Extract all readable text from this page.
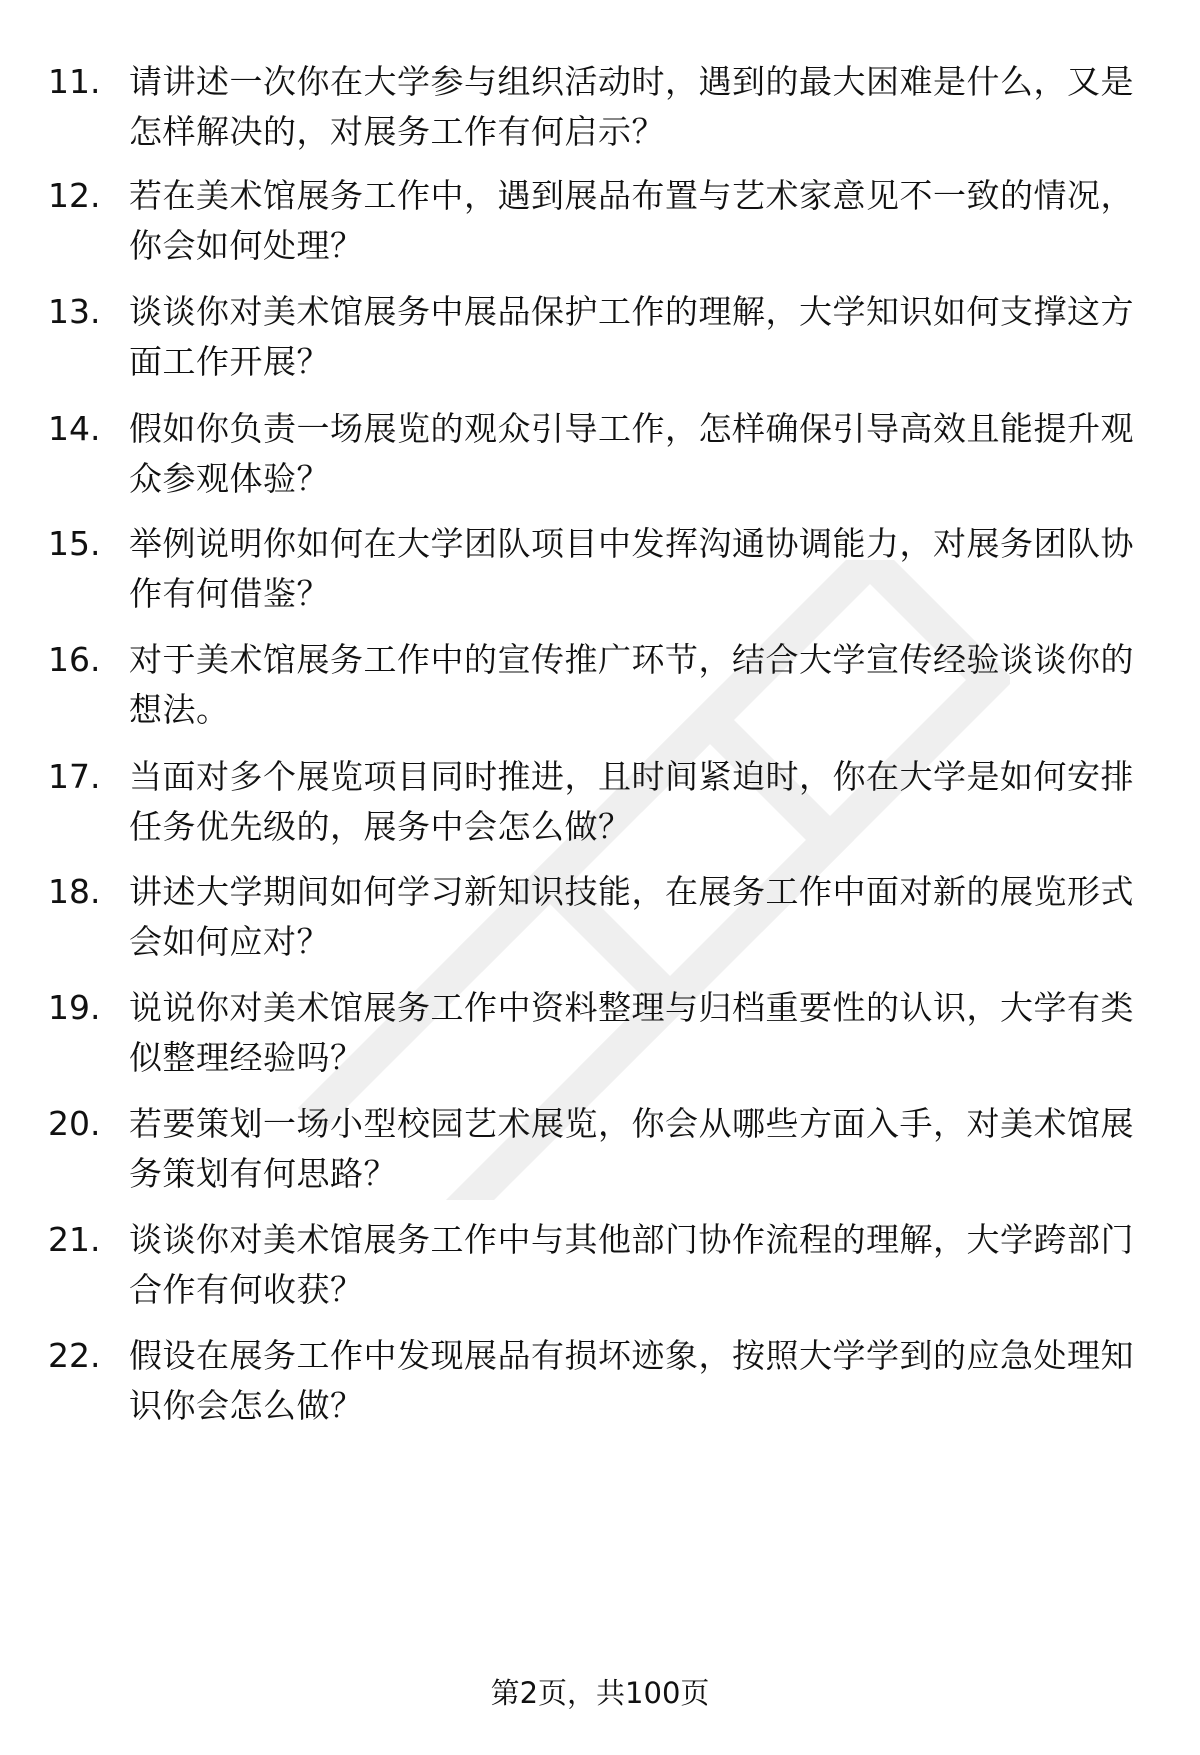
11. 请讲述一次你在大学参与组织活动时，遇到的最大困难是什么，又是怎样解决的，对展务工作有何启示？
12. 若在美术馆展务工作中，遇到展品布置与艺术家意见不一致的情况，你会如何处理？
13. 谈谈你对美术馆展务中展品保护工作的理解，大学知识如何支撑这方面工作开展？
14. 假如你负责一场展览的观众引导工作，怎样确保引导高效且能提升观众参观体验？
15. 举例说明你如何在大学团队项目中发挥沟通协调能力，对展务团队协作有何借鉴？
16. 对于美术馆展务工作中的宣传推广环节，结合大学宣传经验谈谈你的想法。
17. 当面对多个展览项目同时推进，且时间紧迫时，你在大学是如何安排任务优先级的，展务中会怎么做？
18. 讲述大学期间如何学习新知识技能，在展务工作中面对新的展览形式会如何应对？
19. 说说你对美术馆展务工作中资料整理与归档重要性的认识，大学有类似整理经验吗？
20. 若要策划一场小型校园艺术展览，你会从哪些方面入手，对美术馆展务策划有何思路？
21. 谈谈你对美术馆展务工作中与其他部门协作流程的理解，大学跨部门合作有何收获？
22. 假设在展务工作中发现展品有损坏迹象，按照大学学到的应急处理知识你会怎么做？
第2页，共100页
